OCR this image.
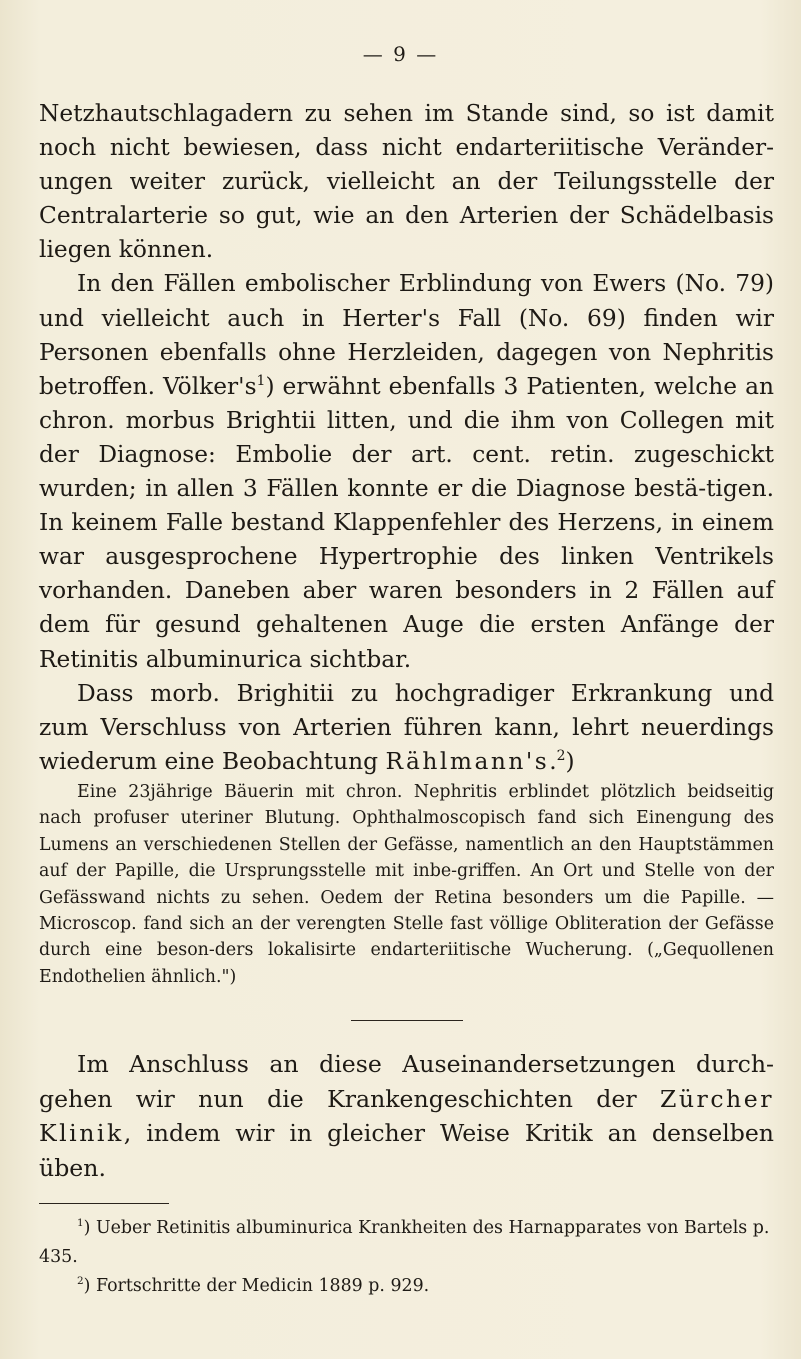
— 9 —

Netzhautschlagadern zu sehen im Stande sind, so ist damit noch nicht bewiesen, dass nicht endarteriitische Veränder-ungen weiter zurück, vielleicht an der Teilungsstelle der Centralarterie so gut, wie an den Arterien der Schädelbasis liegen können.

In den Fällen embolischer Erblindung von Ewers (No. 79) und vielleicht auch in Herter's Fall (No. 69) finden wir Personen ebenfalls ohne Herzleiden, dagegen von Nephritis betroffen. $Völker's^1$) erwähnt ebenfalls 3 Patienten, welche an chron. morbus Brightii litten, und die ihm von Collegen mit der Diagnose: Embolie der art. cent. retin. zugeschickt wurden; in allen 3 Fällen konnte er die Diagnose bestä-tigen. In keinem Falle bestand Klappenfehler des Herzens, in einem war ausgesprochene Hypertrophie des linken Ventrikels vorhanden. Daneben aber waren besonders in 2 Fällen auf dem für gesund gehaltenen Auge die ersten Anfänge der Retinitis albuminurica sichtbar.

Dass morb. Brighitii zu hochgradiger Erkrankung und zum Verschluss von Arterien führen kann, lehrt neuerdings wiederum eine Beobachtung Rählmann's.$^2$)

Eine 23jährige Bäuerin mit chron. Nephritis erblindet plötzlich beidseitig nach profuser uteriner Blutung. Ophthalmoscopisch fand sich Einengung des Lumens an verschiedenen Stellen der Gefässe, namentlich an den Hauptstämmen auf der Papille, die Ursprungsstelle mit inbe-griffen. An Ort und Stelle von der Gefässwand nichts zu sehen. Oedem der Retina besonders um die Papille. — Microscop. fand sich an der verengten Stelle fast völlige Obliteration der Gefässe durch eine beson-ders lokalisirte endarteriitische Wucherung. („Gequollenen Endothelien ähnlich.")

Im Anschluss an diese Auseinandersetzungen durch-gehen wir nun die Krankengeschichten der Zürcher Klinik, indem wir in gleicher Weise Kritik an denselben üben.

$^1$) Ueber Retinitis albuminurica Krankheiten des Harnapparates von Bartels p. 435.

$^2$) Fortschritte der Medicin 1889 p. 929.
